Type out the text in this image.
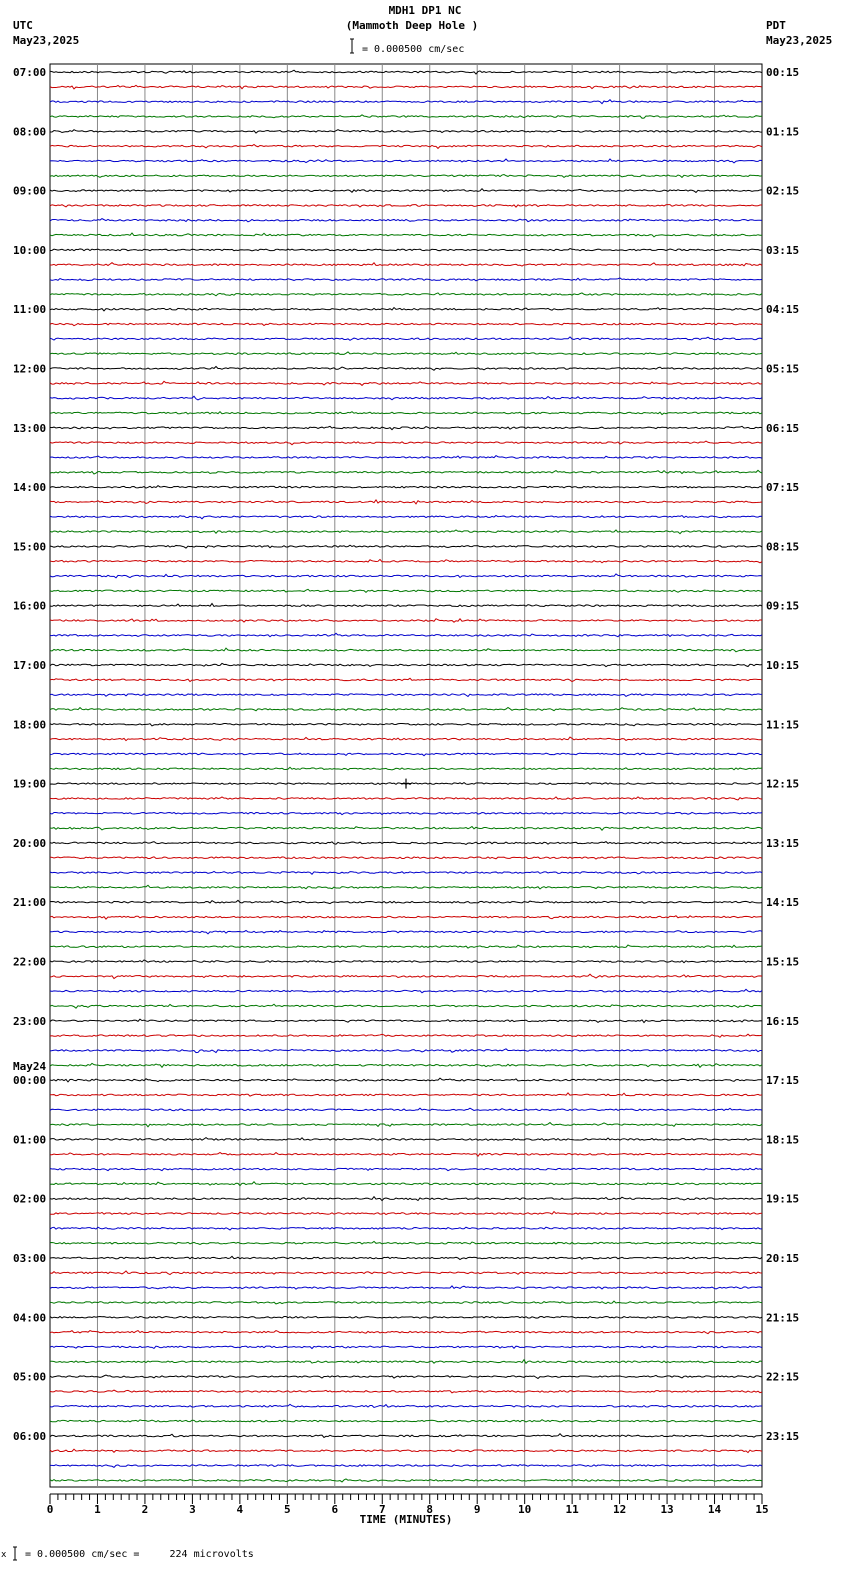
MDH1 DP1 NC
(Mammoth Deep Hole )
UTC
May23,2025
PDT
May23,2025
= 0.000500 cm/sec
x = 0.000500 cm/sec =     224 microvolts
07:00	00:15
08:00	01:15
09:00	02:15
10:00	03:15
11:00	04:15
12:00	05:15
13:00	06:15
14:00	07:15
15:00	08:15
16:00	09:15
17:00	10:15
18:00	11:15
19:00	12:15
20:00	13:15
21:00	14:15
22:00	15:15
23:00	16:15
00:00	17:15
01:00	18:15
02:00	19:15
03:00	20:15
04:00	21:15
05:00	22:15
06:00	23:15
May24
0	1	2	3	4	5	6	7	8	9	10	11	12	13	14	15
TIME (MINUTES)
